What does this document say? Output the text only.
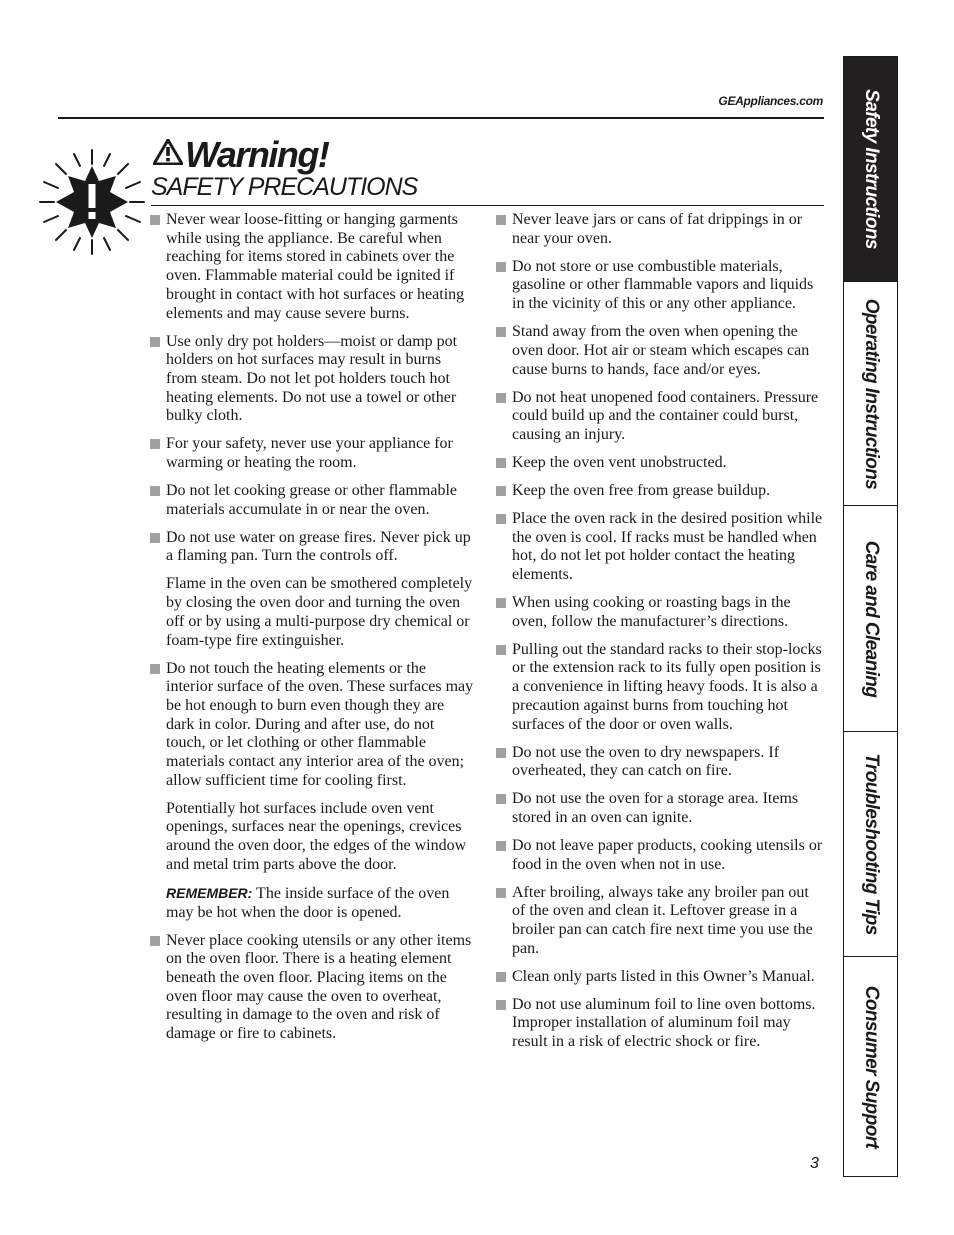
GEAppliances.com
Warning!
SAFETY PRECAUTIONS
Never wear loose-fitting or hanging garments while using the appliance. Be careful when reaching for items stored in cabinets over the oven. Flammable material could be ignited if brought in contact with hot surfaces or heating elements and may cause severe burns.
Use only dry pot holders—moist or damp pot holders on hot surfaces may result in burns from steam. Do not let pot holders touch hot heating elements. Do not use a towel or other bulky cloth.
For your safety, never use your appliance for warming or heating the room.
Do not let cooking grease or other flammable materials accumulate in or near the oven.
Do not use water on grease fires. Never pick up a flaming pan. Turn the controls off.
Flame in the oven can be smothered completely by closing the oven door and turning the oven off or by using a multi-purpose dry chemical or foam-type fire extinguisher.
Do not touch the heating elements or the interior surface of the oven. These surfaces may be hot enough to burn even though they are dark in color. During and after use, do not touch, or let clothing or other flammable materials contact any interior area of the oven; allow sufficient time for cooling first.
Potentially hot surfaces include oven vent openings, surfaces near the openings, crevices around the oven door, the edges of the window and metal trim parts above the door.
REMEMBER: The inside surface of the oven may be hot when the door is opened.
Never place cooking utensils or any other items on the oven floor. There is a heating element beneath the oven floor. Placing items on the oven floor may cause the oven to overheat, resulting in damage to the oven and risk of damage or fire to cabinets.
Never leave jars or cans of fat drippings in or near your oven.
Do not store or use combustible materials, gasoline or other flammable vapors and liquids in the vicinity of this or any other appliance.
Stand away from the oven when opening the oven door. Hot air or steam which escapes can cause burns to hands, face and/or eyes.
Do not heat unopened food containers. Pressure could build up and the container could burst, causing an injury.
Keep the oven vent unobstructed.
Keep the oven free from grease buildup.
Place the oven rack in the desired position while the oven is cool. If racks must be handled when hot, do not let pot holder contact the heating elements.
When using cooking or roasting bags in the oven, follow the manufacturer’s directions.
Pulling out the standard racks to their stop-locks or the extension rack to its fully open position is a convenience in lifting heavy foods. It is also a precaution against burns from touching hot surfaces of the door or oven walls.
Do not use the oven to dry newspapers. If overheated, they can catch on fire.
Do not use the oven for a storage area. Items stored in an oven can ignite.
Do not leave paper products, cooking utensils or food in the oven when not in use.
After broiling, always take any broiler pan out of the oven and clean it. Leftover grease in a broiler pan can catch fire next time you use the pan.
Clean only parts listed in this Owner’s Manual.
Do not use aluminum foil to line oven bottoms. Improper installation of aluminum foil may result in a risk of electric shock or fire.
3
Safety Instructions
Operating Instructions
Care and Cleaning
Troubleshooting Tips
Consumer Support
